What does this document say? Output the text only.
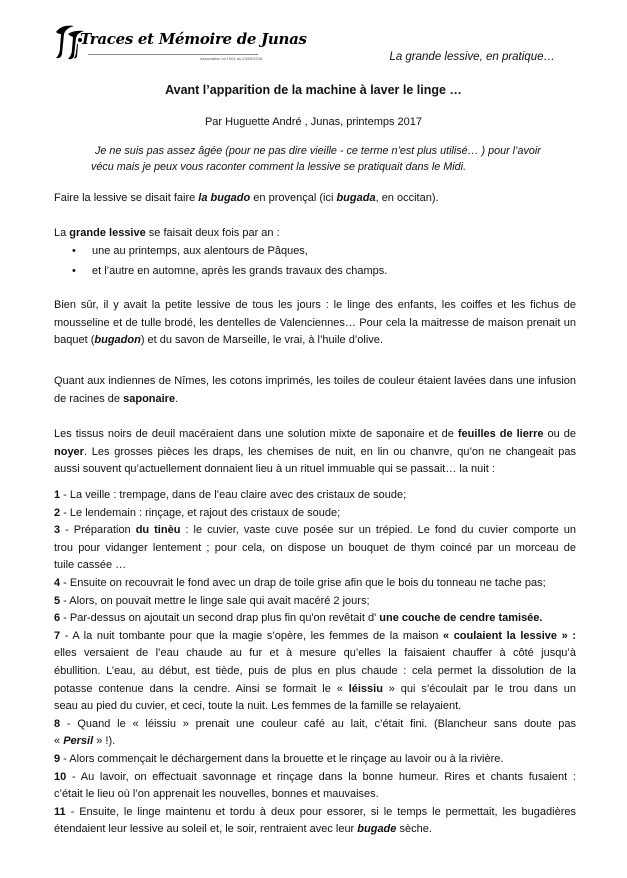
Traces et Mémoire de Junas
Association loi 1901 du 23/03/2016	La grande lessive, en pratique…
Avant l’apparition de la machine à laver le linge …
Par Huguette André , Junas, printemps 2017
Je ne suis pas assez âgée (pour ne pas dire vieille - ce terme n’est plus utilisé… ) pour l’avoir
vécu mais je peux vous raconter comment la lessive se pratiquait dans le Midi.
Faire la lessive se disait faire la bugado en provençal (ici bugada, en occitan).
La grande lessive se faisait deux fois par an :
• une au printemps, aux alentours de Pâques,
• et l’autre en automne, après les grands travaux des champs.
Bien sûr, il y avait la petite lessive de tous les jours : le linge des enfants, les coiffes et les fichus de mousseline et de tulle brodé, les dentelles de Valenciennes… Pour cela la maitresse de maison prenait un baquet (bugadon) et du savon de Marseille, le vrai, à l’huile d’olive.
Quant aux indiennes de Nîmes, les cotons imprimés, les toiles de couleur étaient lavées dans une infusion de racines de saponaire.
Les tissus noirs de deuil macéraient dans une solution mixte de saponaire et de feuilles de lierre ou de noyer. Les grosses pièces les draps, les chemises de nuit, en lin ou chanvre, qu’on ne changeait pas aussi souvent qu’actuellement donnaient lieu à un rituel immuable qui se passait… la nuit :
1 - La veille : trempage, dans de l’eau claire avec des cristaux de soude;
2 - Le lendemain : rinçage, et rajout des cristaux de soude;
3 - Préparation du tinèu : le cuvier, vaste cuve posée sur un trépied. Le fond du cuvier comporte un
trou pour vidanger lentement ; pour cela, on dispose un bouquet de thym coincé par un morceau de
tuile cassée …
4 - Ensuite on recouvrait le fond avec un drap de toile grise afin que le bois du tonneau ne tache pas;
5 - Alors, on pouvait mettre le linge sale qui avait macéré 2 jours;
6 - Par-dessus on ajoutait un second drap plus fin qu'on revêtait d' une couche de cendre tamisée.
7 - A la nuit tombante pour que la magie s’opère, les femmes de la maison « coulaient la lessive » :
elles versaient de l’eau chaude au fur et à mesure qu’elles la faisaient chauffer à côté jusqu’à
ébullition. L’eau, au début, est tiède, puis de plus en plus chaude : cela permet la dissolution de la
potasse contenue dans la cendre. Ainsi se formait le « léissiu » qui s’écoulait par le trou dans un
seau au pied du cuvier, et ceci, toute la nuit. Les femmes de la famille se relayaient.
8 - Quand le « léissiu » prenait une couleur café au lait, c’était fini. (Blancheur sans doute pas
« Persil » !).
9 - Alors commençait le déchargement dans la brouette et le rinçage au lavoir ou à la rivière.
10 - Au lavoir, on effectuait savonnage et rinçage dans la bonne humeur. Rires et chants fusaient :
c’était le lieu où l’on apprenait les nouvelles, bonnes et mauvaises.
11 - Ensuite, le linge maintenu et tordu à deux pour essorer, si le temps le permettait, les bugadières
étendaient leur lessive au soleil et, le soir, rentraient avec leur bugade sèche.
